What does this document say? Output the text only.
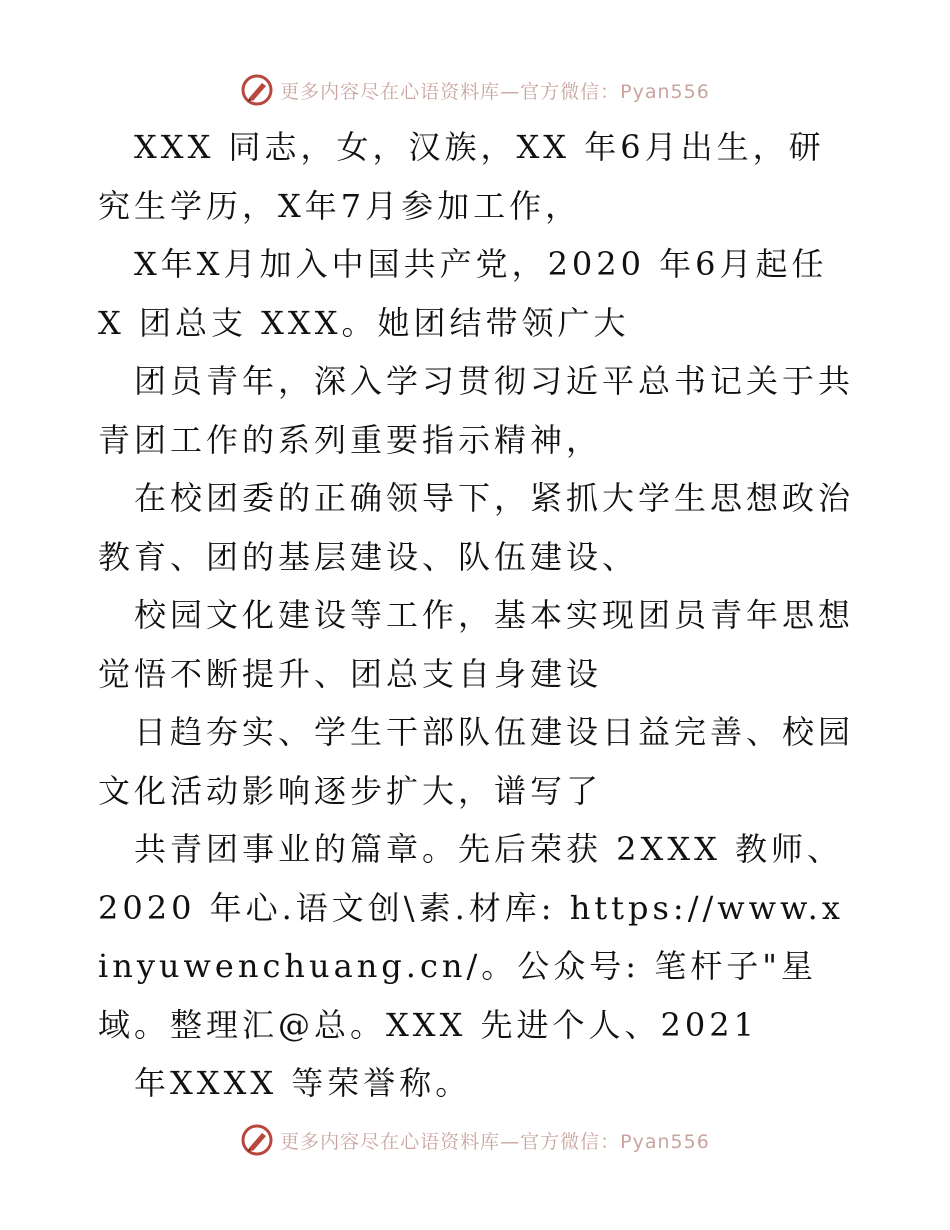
更多内容尽在心语资料库—官方微信：Pyan556

XXX 同志，女，汉族，XX 年6月出生，研究生学历，X年7月参加工作，

X年X月加入中国共产党，2020 年6月起任 X 团总支 XXX。她团结带领广大

团员青年，深入学习贯彻习近平总书记关于共青团工作的系列重要指示精神，

在校团委的正确领导下，紧抓大学生思想政治教育、团的基层建设、队伍建设、

校园文化建设等工作，基本实现团员青年思想觉悟不断提升、团总支自身建设

日趋夯实、学生干部队伍建设日益完善、校园文化活动影响逐步扩大，谱写了

共青团事业的篇章。先后荣获 2XXX 教师、2020 年心.语文创\素.材库: https://www.xinyuwenchuang.cn/。公众号: 笔杆子"星域。整理汇@总。XXX 先进个人、2021

年XXXX 等荣誉称。

更多内容尽在心语资料库—官方微信：Pyan556
